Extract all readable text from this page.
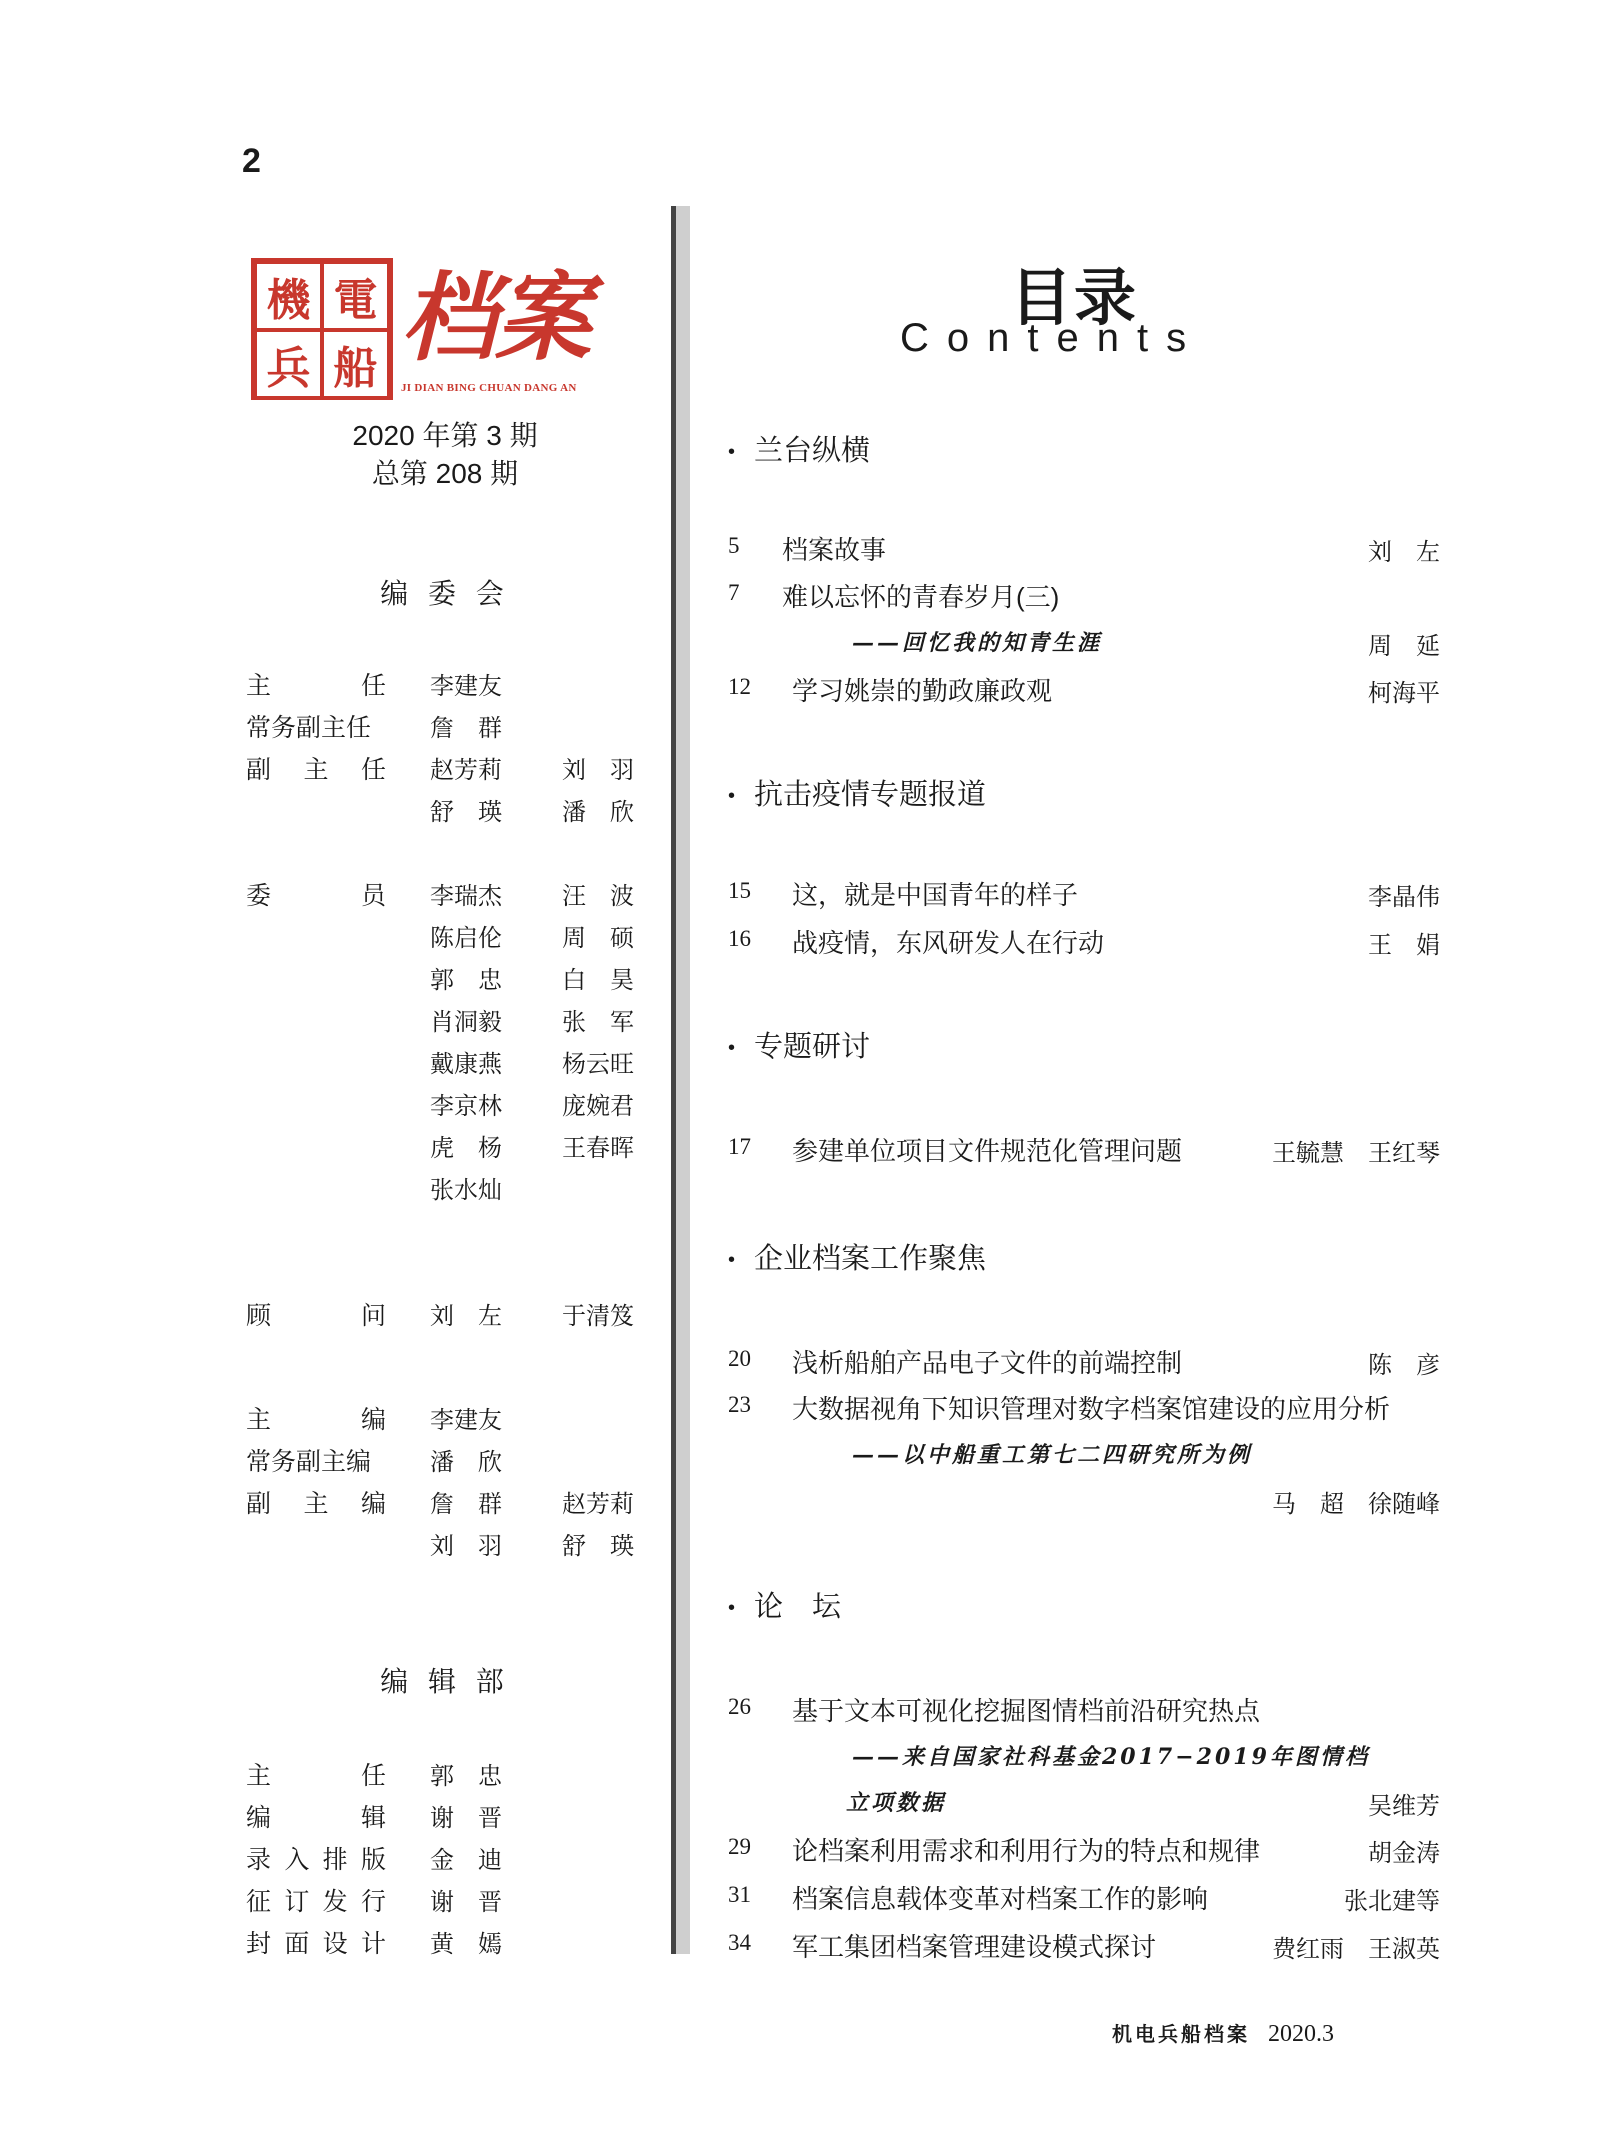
2
機 電
兵 船 档案
JI DIAN BING CHUAN DANG AN
2020 年第 3 期
总第 208 期
编 委 会
主	任 李建友
常务副主任 詹　群
副 主 任 赵芳莉	刘　羽
舒　瑛	潘　欣
委	员 李瑞杰	汪　波
陈启伦	周　硕
郭　忠	白　昊
肖洞毅	张　军
戴康燕	杨云旺
李京林	庞婉君
虎　杨	王春晖
张水灿
顾	问 刘　左	于清笈
主	编 李建友
常务副主编 潘　欣
副 主 编 詹　群	赵芳莉
刘　羽	舒　瑛
编 辑 部
主	任 郭　忠
编	辑 谢　晋
录 入 排 版 金　迪
征 订 发 行 谢　晋
封 面 设 计 黄　嫣
目录
Contents
• 兰台纵横
5 档案故事	刘　左
7 难以忘怀的青春岁月(三)
——回忆我的知青生涯	周　延
12 学习姚崇的勤政廉政观	柯海平
• 抗击疫情专题报道
15 这，就是中国青年的样子	李晶伟
16 战疫情，东风研发人在行动	王　娟
• 专题研讨
17 参建单位项目文件规范化管理问题	王毓慧　王红琴
• 企业档案工作聚焦
20 浅析船舶产品电子文件的前端控制	陈　彦
23 大数据视角下知识管理对数字档案馆建设的应用分析
——以中船重工第七二四研究所为例
马　超　徐随峰
• 论　坛
26 基于文本可视化挖掘图情档前沿研究热点
——来自国家社科基金2017−2019年图情档
立项数据	吴维芳
29 论档案利用需求和利用行为的特点和规律	胡金涛
31 档案信息载体变革对档案工作的影响	张北建等
34 军工集团档案管理建设模式探讨	费红雨　王淑英
机电兵船档案 2020.3
